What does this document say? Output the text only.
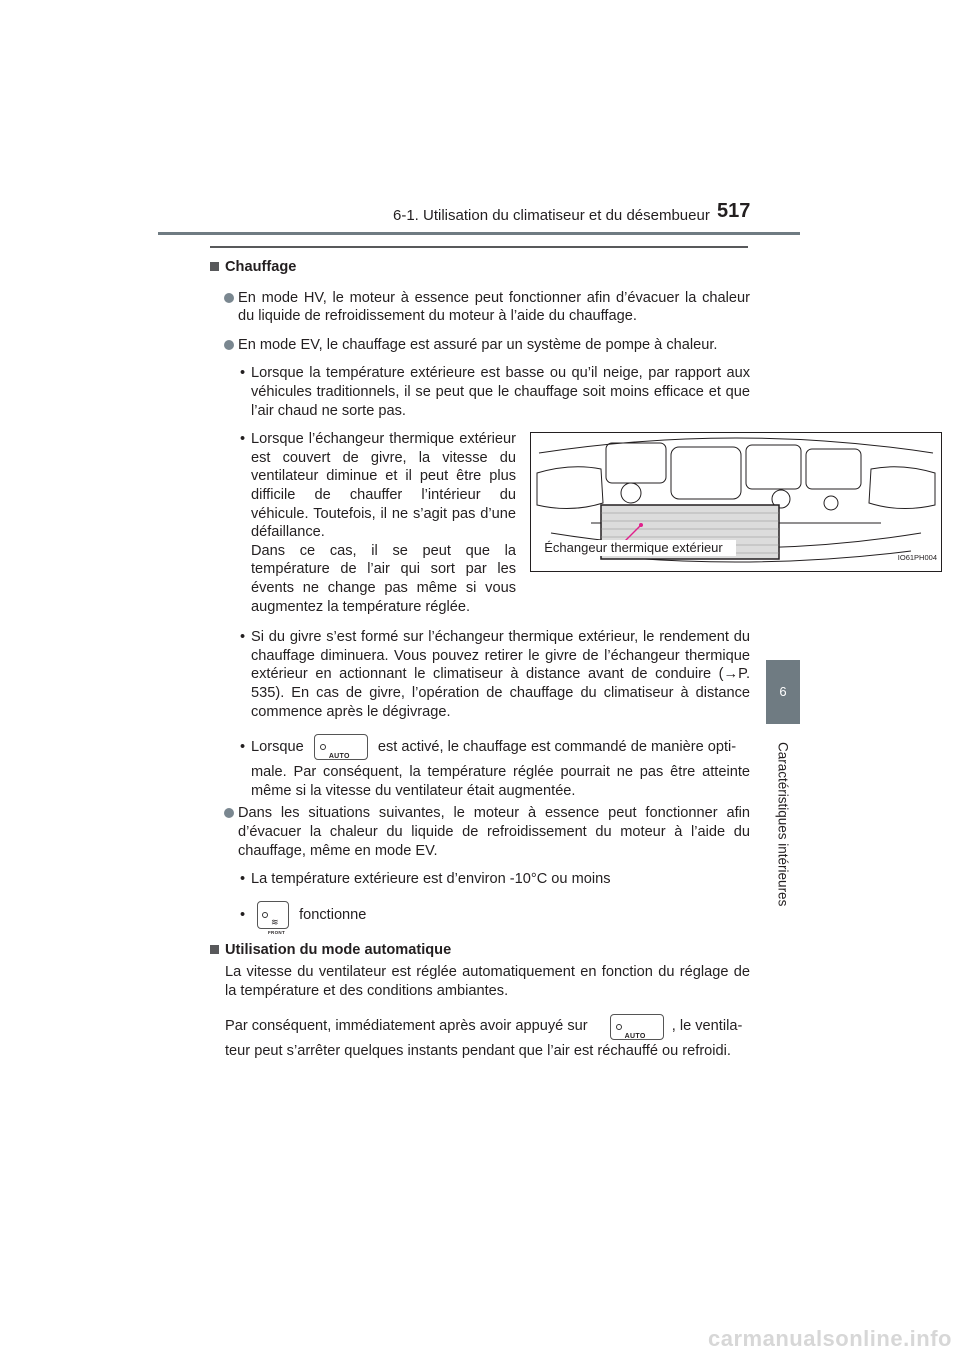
6-1. Utilisation du climatiseur et du désembueur 517
6
Caractéristiques intérieures
Chauffage
En mode HV, le moteur à essence peut fonctionner afin d’évacuer la chaleur du liquide de refroidissement du moteur à l’aide du chauffage.
En mode EV, le chauffage est assuré par un système de pompe à chaleur.
• Lorsque la température extérieure est basse ou qu’il neige, par rapport aux véhicules traditionnels, il se peut que le chauffage soit moins efficace et que l’air chaud ne sorte pas.
• Lorsque l’échangeur thermique extérieur est couvert de givre, la vitesse du ventilateur diminue et il peut être plus difficile de chauffer l’intérieur du véhicule. Toutefois, il ne s’agit pas d’une défaillance.
Dans ce cas, il se peut que la température de l’air qui sort par les évents ne change pas même si vous augmentez la température réglée.
Échangeur thermique extérieur
IO61PH004
• Si du givre s’est formé sur l’échangeur thermique extérieur, le rendement du chauffage diminuera. Vous pouvez retirer le givre de l’échangeur thermique extérieur en actionnant le climatiseur à distance avant de conduire (→P. 535). En cas de givre, l’opération de chauffage du climatiseur à distance commence après le dégivrage.
• Lorsque
AUTO
est activé, le chauffage est commandé de manière opti-
male. Par conséquent, la température réglée pourrait ne pas être atteinte même si la vitesse du ventilateur était augmentée.
Dans les situations suivantes, le moteur à essence peut fonctionner afin d’évacuer la chaleur du liquide de refroidissement du moteur à l’aide du chauffage, même en mode EV.
• La température extérieure est d’environ -10°C ou moins
•	≋
FRONT
fonctionne
Utilisation du mode automatique
La vitesse du ventilateur est réglée automatiquement en fonction du réglage de la température et des conditions ambiantes.
Par conséquent, immédiatement après avoir appuyé sur
AUTO
, le ventila-
teur peut s’arrêter quelques instants pendant que l’air est réchauffé ou refroidi.
carmanualsonline.info
